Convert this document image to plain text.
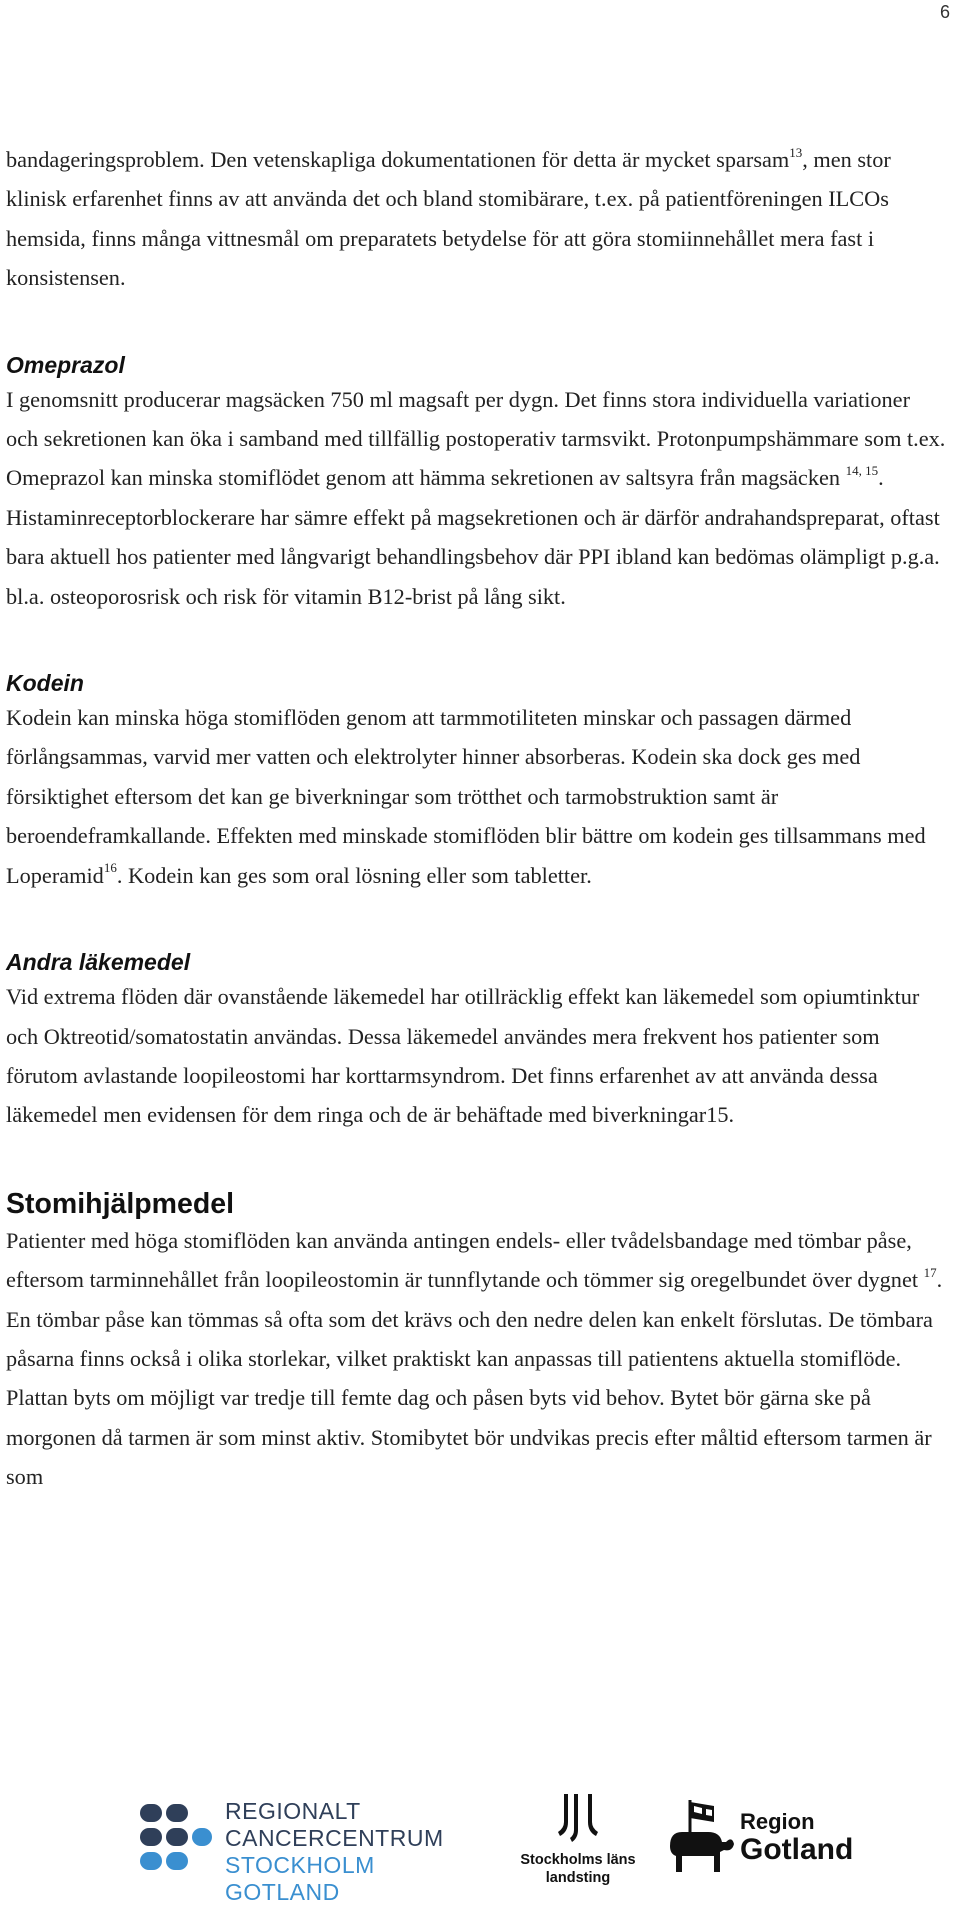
6

bandageringsproblem. Den vetenskapliga dokumentationen för detta är mycket sparsam$^{13}$, men stor klinisk erfarenhet finns av att använda det och bland stomibärare, t.ex. på patientföreningen ILCOs hemsida, finns många vittnesmål om preparatets betydelse för att göra stomiinnehållet mera fast i konsistensen.

Omeprazol

I genomsnitt producerar magsäcken 750 ml magsaft per dygn. Det finns stora individuella variationer och sekretionen kan öka i samband med tillfällig postoperativ tarmsvikt. Protonpumpshämmare som t.ex. Omeprazol kan minska stomiflödet genom att hämma sekretionen av saltsyra från magsäcken $^{14, 15}$. Histaminreceptorblockerare har sämre effekt på magsekretionen och är därför andrahandspreparat, oftast bara aktuell hos patienter med långvarigt behandlingsbehov där PPI ibland kan bedömas olämpligt p.g.a. bl.a. osteoporosrisk och risk för vitamin B12-brist på lång sikt.

Kodein

Kodein kan minska höga stomiflöden genom att tarmmotiliteten minskar och passagen därmed förlångsammas, varvid mer vatten och elektrolyter hinner absorberas. Kodein ska dock ges med försiktighet eftersom det kan ge biverkningar som trötthet och tarmobstruktion samt är beroendeframkallande. Effekten med minskade stomiflöden blir bättre om kodein ges tillsammans med Loperamid$^{16}$. Kodein kan ges som oral lösning eller som tabletter.

Andra läkemedel

Vid extrema flöden där ovanstående läkemedel har otillräcklig effekt kan läkemedel som opiumtinktur och Oktreotid/somatostatin användas. Dessa läkemedel användes mera frekvent hos patienter som förutom avlastande loopileostomi har korttarmsyndrom. Det finns erfarenhet av att använda dessa läkemedel men evidensen för dem ringa och de är behäftade med biverkningar15.

Stomihjälpmedel

Patienter med höga stomiflöden kan använda antingen endels- eller tvådelsbandage med tömbar påse, eftersom tarminnehållet från loopileostomin är tunnflytande och tömmer sig oregelbundet över dygnet $^{17}$. En tömbar påse kan tömmas så ofta som det krävs och den nedre delen kan enkelt förslutas. De tömbara påsarna finns också i olika storlekar, vilket praktiskt kan anpassas till patientens aktuella stomiflöde. Plattan byts om möjligt var tredje till femte dag och påsen byts vid behov. Bytet bör gärna ske på morgonen då tarmen är som minst aktiv. Stomibytet bör undvikas precis efter måltid eftersom tarmen är som

REGIONALT
CANCERCENTRUM
STOCKHOLM GOTLAND
Stockholms läns
landsting
Region
Gotland
